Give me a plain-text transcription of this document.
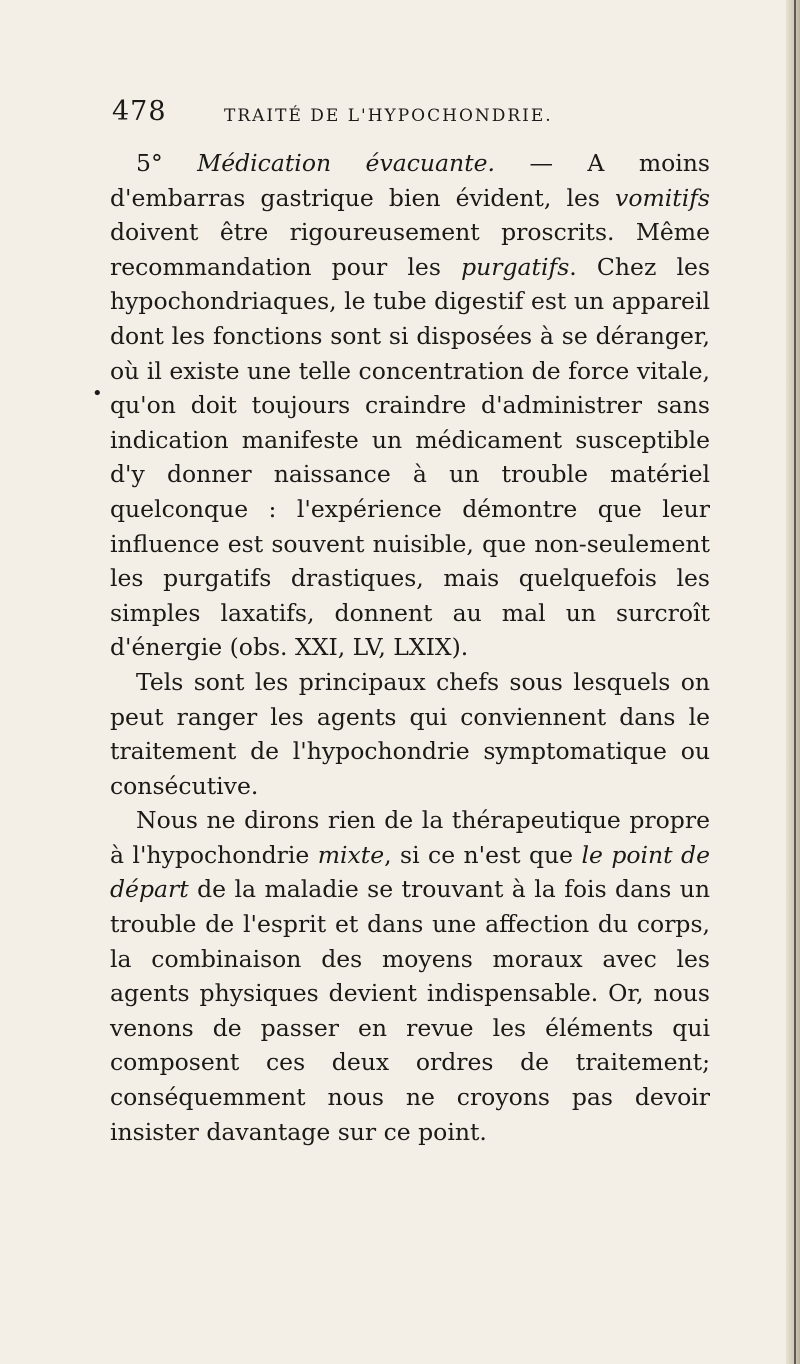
478	TRAITÉ DE L'HYPOCHONDRIE.
•

5° Médication évacuante. — A moins d'embarras gastrique bien évident, les vomitifs doivent être rigoureusement proscrits. Même recommandation pour les purgatifs. Chez les hypochondriaques, le tube digestif est un appareil dont les fonctions sont si disposées à se déranger, où il existe une telle concentration de force vitale, qu'on doit toujours craindre d'administrer sans indication manifeste un médicament susceptible d'y donner naissance à un trouble matériel quelconque : l'expérience démontre que leur influence est souvent nuisible, que non-seulement les purgatifs drastiques, mais quelquefois les simples laxatifs, donnent au mal un surcroît d'énergie (obs. XXI, LV, LXIX).

Tels sont les principaux chefs sous lesquels on peut ranger les agents qui conviennent dans le traitement de l'hypochondrie symptomatique ou consécutive.

Nous ne dirons rien de la thérapeutique propre à l'hypochondrie mixte, si ce n'est que le point de départ de la maladie se trouvant à la fois dans un trouble de l'esprit et dans une affection du corps, la combinaison des moyens moraux avec les agents physiques devient indispensable. Or, nous venons de passer en revue les éléments qui composent ces deux ordres de traitement; conséquemment nous ne croyons pas devoir insister davantage sur ce point.
